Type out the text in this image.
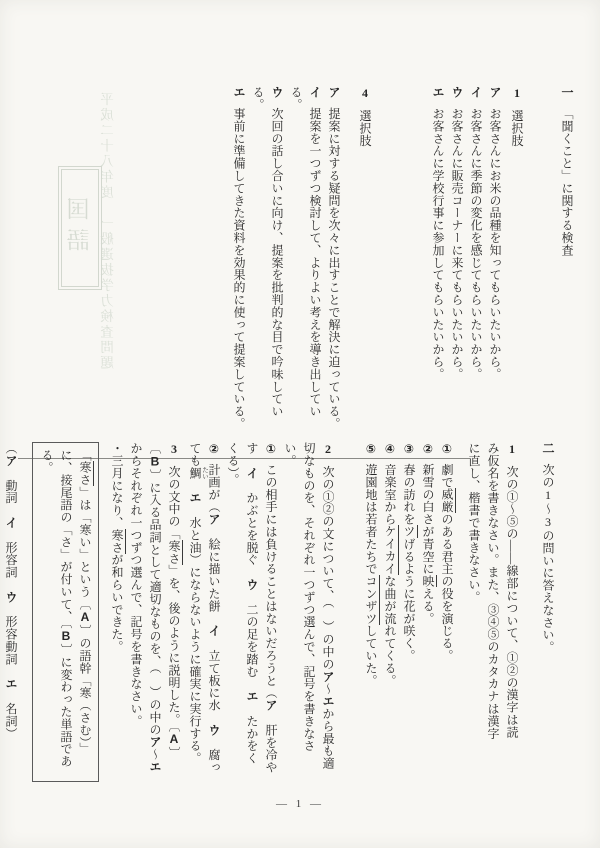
平成二十八年度　一般選抜学力検査問題
国語
一「聞くこと」に関する検査
1選択肢
アお客さんにお米の品種を知ってもらいたいから。
イお客さんに季節の変化を感じてもらいたいから。
ウお客さんに販売コーナーに来てもらいたいから。
エお客さんに学校行事に参加してもらいたいから。
4選択肢
ア提案に対する疑問を次々に出すことで解決に迫っている。
イ提案を一つずつ検討して、よりよい考えを導き出している。
ウ次回の話し合いに向け、提案を批判的な目で吟味している。
エ事前に準備してきた資料を効果的に使って提案している。
二次の1～3の問いに答えなさい。
1次の①～⑤の――線部について、①②の漢字は読み仮名を書きなさい。また、③④⑤のカタカナは漢字に直し、楷書で書きなさい。
①劇で威厳のある君主の役を演じる。
②新雪の白さが青空に映える。
③春の訪れをツげるように花が咲く。
④音楽室からケイカイな曲が流れてくる。
⑤遊園地は若者たちでコンザツしていた。
2次の①②の文について、（　）の中のア～エから最も適切なものを、それぞれ一つずつ選んで、記号を書きなさい。
①この相手には負けることはないだろうと（ア　肝を冷やす　イ　かぶとを脱ぐ　ウ　二の足を踏む　エ　たかをくくる）。
②計画が（ア　絵に描いた餅　イ　立て板に水　ウ　腐っても鯛 たい　エ　水と油）にならないように確実に実行する。
3次の文中の「寒さ」を、後のように説明した。〔A〕〔B〕に入る品詞として適切なものを、（　）の中のア～エからそれぞれ一つずつ選んで、記号を書きなさい。
・三月になり、寒さが和らいできた。
「寒さ」は「寒い」という〔A〕の語幹「寒（さむ）」に、接尾語の「さ」が付いて、〔B〕に変わった単語である。
（ア　動詞　イ　形容詞　ウ　形容動詞　エ　名詞）
― 1 ―
